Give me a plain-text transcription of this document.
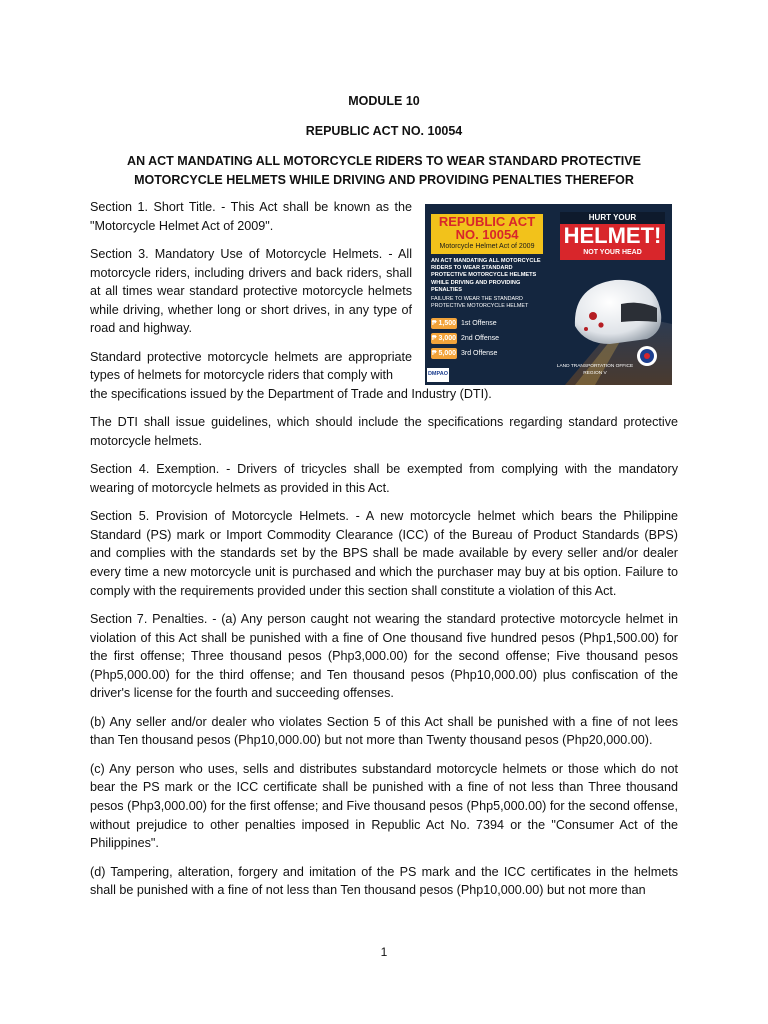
MODULE 10
REPUBLIC ACT NO. 10054
AN ACT MANDATING ALL MOTORCYCLE RIDERS TO WEAR STANDARD PROTECTIVE MOTORCYCLE HELMETS WHILE DRIVING AND PROVIDING PENALTIES THEREFOR

Section 1. Short Title. - This Act shall be known as the "Motorcycle Helmet Act of 2009".

Section 3. Mandatory Use of Motorcycle Helmets. - All motorcycle riders, including drivers and back riders, shall at all times wear standard protective motorcycle helmets while driving, whether long or short drives, in any type of road and highway.

Standard protective motorcycle helmets are appropriate types of helmets for motorcycle riders that comply with
the specifications issued by the Department of Trade and Industry (DTI).

The DTI shall issue guidelines, which should include the specifications regarding standard protective motorcycle helmets.

Section 4. Exemption. - Drivers of tricycles shall be exempted from complying with the mandatory wearing of motorcycle helmets as provided in this Act.

Section 5. Provision of Motorcycle Helmets. - A new motorcycle helmet which bears the Philippine Standard (PS) mark or Import Commodity Clearance (ICC) of the Bureau of Product Standards (BPS) and complies with the standards set by the BPS shall be made available by every seller and/or dealer every time a new motorcycle unit is purchased and which the purchaser may buy at bis option. Failure to comply with the requirements provided under this section shall constitute a violation of this Act.

Section 7. Penalties. - (a) Any person caught not wearing the standard protective motorcycle helmet in violation of this Act shall be punished with a fine of One thousand five hundred pesos (Php1,500.00) for the first offense; Three thousand pesos (Php3,000.00) for the second offense; Five thousand pesos (Php5,000.00) for the third offense; and Ten thousand pesos (Php10,000.00) plus confiscation of the driver's license for the fourth and succeeding offenses.

(b) Any seller and/or dealer who violates Section 5 of this Act shall be punished with a fine of not lees than Ten thousand pesos (Php10,000.00) but not more than Twenty thousand pesos (Php20,000.00).

(c) Any person who uses, sells and distributes substandard motorcycle helmets or those which do not bear the PS mark or the ICC certificate shall be punished with a fine of not less than Three thousand pesos (Php3,000.00) for the first offense; and Five thousand pesos (Php5,000.00) for the second offense, without prejudice to other penalties imposed in Republic Act No. 7394 or the "Consumer Act of the Philippines".

(d) Tampering, alteration, forgery and imitation of the PS mark and the ICC certificates in the helmets shall be punished with a fine of not less than Ten thousand pesos (Php10,000.00) but not more than

REPUBLIC ACT
NO. 10054
Motorcycle Helmet Act of 2009
AN ACT MANDATING ALL MOTORCYCLE RIDERS TO WEAR STANDARD PROTECTIVE MOTORCYCLE HELMETS WHILE DRIVING AND PROVIDING PENALTIES
FAILURE TO WEAR THE STANDARD PROTECTIVE MOTORCYCLE HELMET
₱ 1,500 1st Offense
₱ 3,000 2nd Offense
₱ 5,000 3rd Offense
HURT YOUR
HELMET!
NOT YOUR HEAD
LAND TRANSPORTATION OFFICE
REGION V
DMPAO
1
